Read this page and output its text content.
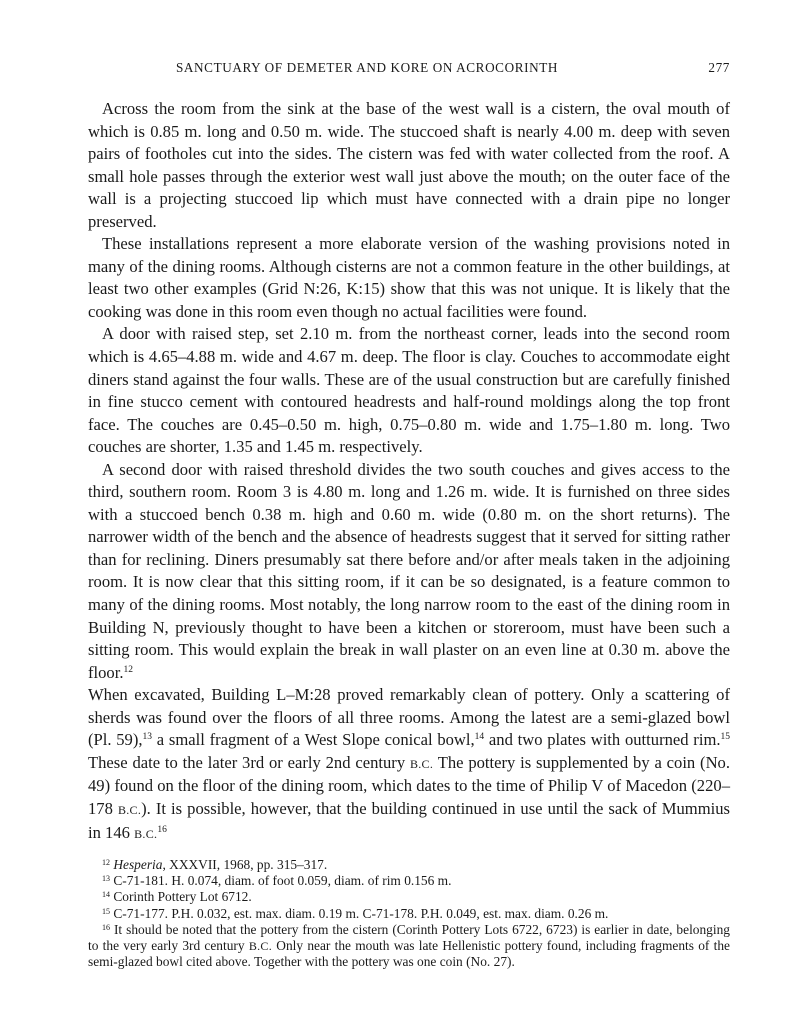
SANCTUARY OF DEMETER AND KORE ON ACROCORINTH	277

Across the room from the sink at the base of the west wall is a cistern, the oval mouth of which is 0.85 m. long and 0.50 m. wide. The stuccoed shaft is nearly 4.00 m. deep with seven pairs of footholes cut into the sides. The cistern was fed with water collected from the roof. A small hole passes through the exterior west wall just above the mouth; on the outer face of the wall is a projecting stuccoed lip which must have connected with a drain pipe no longer preserved.

These installations represent a more elaborate version of the washing provisions noted in many of the dining rooms. Although cisterns are not a common feature in the other buildings, at least two other examples (Grid N:26, K:15) show that this was not unique. It is likely that the cooking was done in this room even though no actual facilities were found.

A door with raised step, set 2.10 m. from the northeast corner, leads into the second room which is 4.65–4.88 m. wide and 4.67 m. deep. The floor is clay. Couches to accommodate eight diners stand against the four walls. These are of the usual construction but are carefully finished in fine stucco cement with contoured headrests and half-round moldings along the top front face. The couches are 0.45–0.50 m. high, 0.75–0.80 m. wide and 1.75–1.80 m. long. Two couches are shorter, 1.35 and 1.45 m. respectively.

A second door with raised threshold divides the two south couches and gives access to the third, southern room. Room 3 is 4.80 m. long and 1.26 m. wide. It is furnished on three sides with a stuccoed bench 0.38 m. high and 0.60 m. wide (0.80 m. on the short returns). The narrower width of the bench and the absence of headrests suggest that it served for sitting rather than for reclining. Diners presumably sat there before and/or after meals taken in the adjoining room. It is now clear that this sitting room, if it can be so designated, is a feature common to many of the dining rooms. Most notably, the long narrow room to the east of the dining room in Building N, previously thought to have been a kitchen or storeroom, must have been such a sitting room. This would explain the break in wall plaster on an even line at 0.30 m. above the floor.$^{12}$

When excavated, Building L–M:28 proved remarkably clean of pottery. Only a scattering of sherds was found over the floors of all three rooms. Among the latest are a semi-glazed bowl (Pl. 59),$^{13}$ a small fragment of a West Slope conical bowl,$^{14}$ and two plates with outturned rim.$^{15}$ These date to the later 3rd or early 2nd century B.C. The pottery is supplemented by a coin (No. 49) found on the floor of the dining room, which dates to the time of Philip V of Macedon (220–178 B.C.). It is possible, however, that the building continued in use until the sack of Mummius in 146 B.C.$^{16}$

$^{12}$ Hesperia, XXXVII, 1968, pp. 315–317.

$^{13}$ C-71-181. H. 0.074, diam. of foot 0.059, diam. of rim 0.156 m.

$^{14}$ Corinth Pottery Lot 6712.

$^{15}$ C-71-177. P.H. 0.032, est. max. diam. 0.19 m. C-71-178. P.H. 0.049, est. max. diam. 0.26 m.

$^{16}$ It should be noted that the pottery from the cistern (Corinth Pottery Lots 6722, 6723) is earlier in date, belonging to the very early 3rd century B.C. Only near the mouth was late Hellenistic pottery found, including fragments of the semi-glazed bowl cited above. Together with the pottery was one coin (No. 27).
